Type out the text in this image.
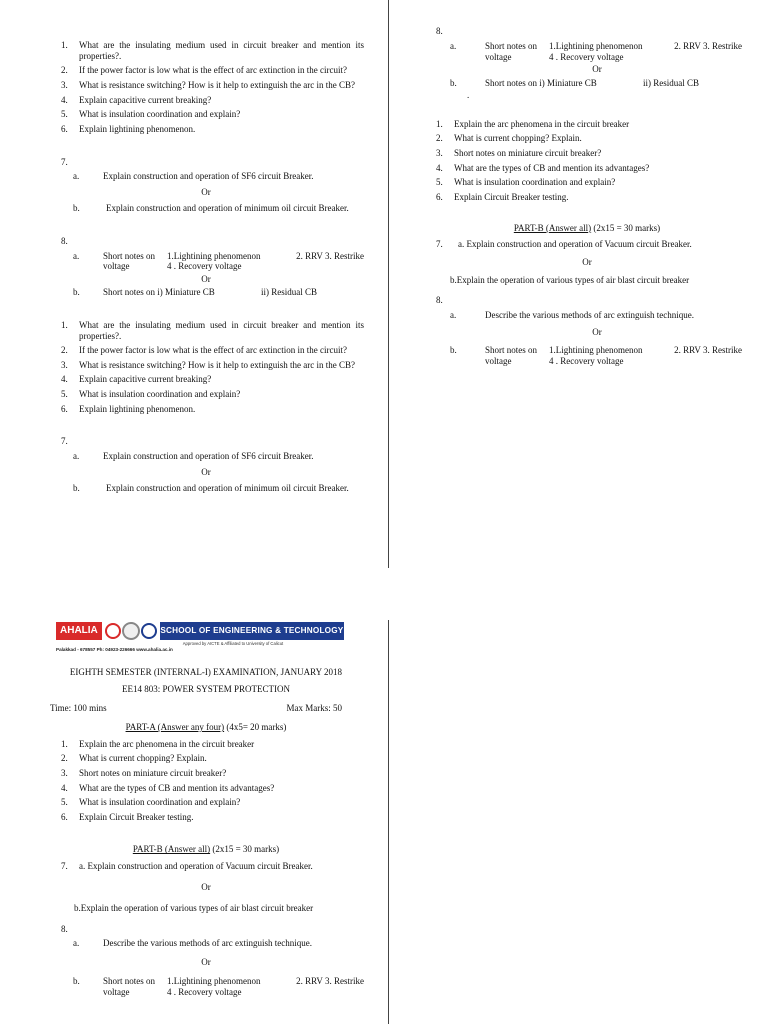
1.	What are the insulating medium used in circuit breaker and mention its properties?.
2.	If the power factor is low what is the effect of arc extinction in the circuit?
3.	What is resistance switching? How is it help to extinguish the arc in the CB?
4.	Explain capacitive current breaking?
5.	What is insulation coordination and explain?
6.	Explain lightining phenomenon.
7.
a.	Explain construction and operation of SF6 circuit Breaker.
Or
b.	Explain construction and operation of minimum oil circuit Breaker.
8.
a.	Short notes on	1.Lightining phenomenon	2. RRV 3. Restrike
voltage	4 . Recovery voltage
Or
b.	Short notes on i) Miniature CB	ii) Residual CB
1.	What are the insulating medium used in circuit breaker and mention its properties?.
2.	If the power factor is low what is the effect of arc extinction in the circuit?
3.	What is resistance switching? How is it help to extinguish the arc in the CB?
4.	Explain capacitive current breaking?
5.	What is insulation coordination and explain?
6.	Explain lightining phenomenon.
7.
a.	Explain construction and operation of SF6 circuit Breaker.
Or
b.	Explain construction and operation of minimum oil circuit Breaker.
8.
a.	Short notes on	1.Lightining phenomenon	2. RRV 3. Restrike
voltage	4 . Recovery voltage
Or
b.	Short notes on i) Miniature CB	ii) Residual CB
.
1.	Explain the arc phenomena in the circuit breaker
2.	What is current chopping? Explain.
3.	Short notes on miniature circuit breaker?
4.	What are the types of CB and mention its advantages?
5.	What is insulation coordination and explain?
6.	Explain Circuit Breaker testing.
PART-B (Answer all) (2x15 = 30 marks)
7.	a. Explain construction and operation of Vacuum circuit Breaker.
Or
b.Explain the operation of various types of air blast circuit breaker
8.
a.	Describe the various methods of arc extinguish technique.
Or
b.	Short notes on	1.Lightining phenomenon	2. RRV 3. Restrike
voltage	4 . Recovery voltage
AHALIA	SCHOOL OF ENGINEERING & TECHNOLOGY
Approved by AICTE & Affiliated to University of Calicut
Palakkad - 678557 Ph: 04923-226666 www.ahalia.ac.in
EIGHTH SEMESTER (INTERNAL-I) EXAMINATION, JANUARY 2018
EE14 803: POWER SYSTEM PROTECTION
Time: 100 mins	Max Marks: 50
PART-A (Answer any four) (4x5= 20 marks)
1.	Explain the arc phenomena in the circuit breaker
2.	What is current chopping? Explain.
3.	Short notes on miniature circuit breaker?
4.	What are the types of CB and mention its advantages?
5.	What is insulation coordination and explain?
6.	Explain Circuit Breaker testing.
PART-B (Answer all) (2x15 = 30 marks)
7.	a. Explain construction and operation of Vacuum circuit Breaker.
Or
b.Explain the operation of various types of air blast circuit breaker
8.
a.	Describe the various methods of arc extinguish technique.
Or
b.	Short notes on	1.Lightining phenomenon	2. RRV 3. Restrike
voltage	4 . Recovery voltage
